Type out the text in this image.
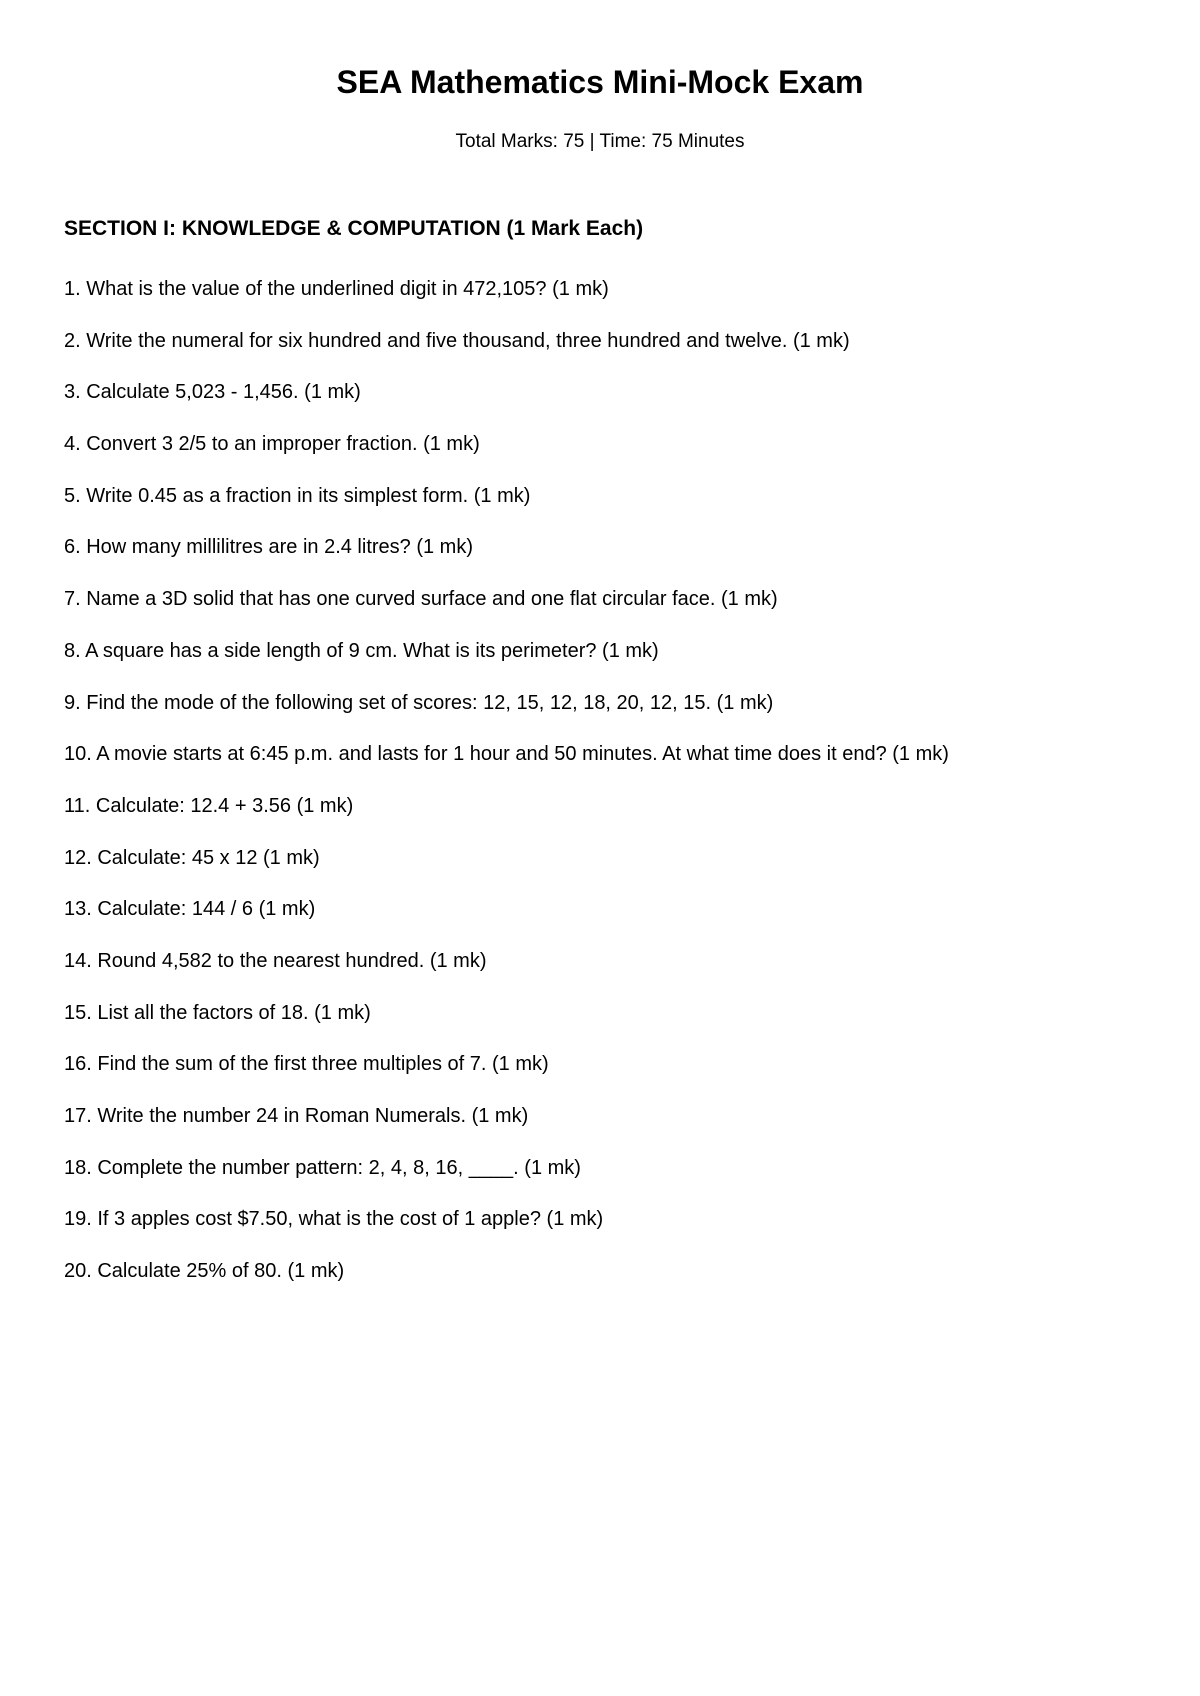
SEA Mathematics Mini-Mock Exam

Total Marks: 75 | Time: 75 Minutes

SECTION I: KNOWLEDGE & COMPUTATION (1 Mark Each)
1. What is the value of the underlined digit in 472,105? (1 mk)
2. Write the numeral for six hundred and five thousand, three hundred and twelve. (1 mk)
3. Calculate 5,023 - 1,456. (1 mk)
4. Convert 3 2/5 to an improper fraction. (1 mk)
5. Write 0.45 as a fraction in its simplest form. (1 mk)
6. How many millilitres are in 2.4 litres? (1 mk)
7. Name a 3D solid that has one curved surface and one flat circular face. (1 mk)
8. A square has a side length of 9 cm. What is its perimeter? (1 mk)
9. Find the mode of the following set of scores: 12, 15, 12, 18, 20, 12, 15. (1 mk)
10. A movie starts at 6:45 p.m. and lasts for 1 hour and 50 minutes. At what time does it end? (1 mk)
11. Calculate: 12.4 + 3.56 (1 mk)
12. Calculate: 45 x 12 (1 mk)
13. Calculate: 144 / 6 (1 mk)
14. Round 4,582 to the nearest hundred. (1 mk)
15. List all the factors of 18. (1 mk)
16. Find the sum of the first three multiples of 7. (1 mk)
17. Write the number 24 in Roman Numerals. (1 mk)
18. Complete the number pattern: 2, 4, 8, 16, ____. (1 mk)
19. If 3 apples cost $7.50, what is the cost of 1 apple? (1 mk)
20. Calculate 25% of 80. (1 mk)
